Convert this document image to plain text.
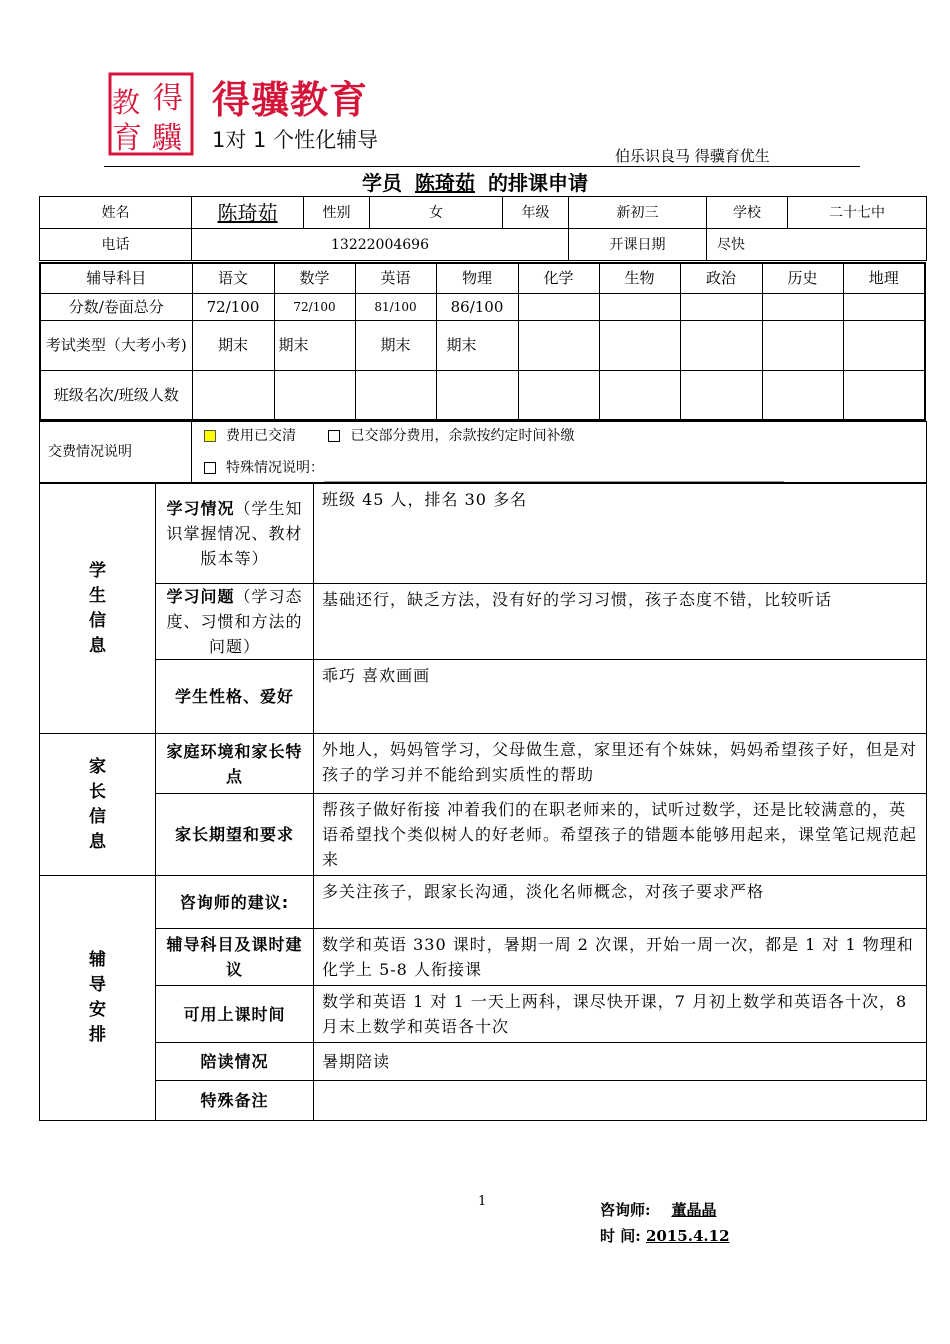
得
教
育 驥
得骥教育
1对 1 个性化辅导
伯乐识良马 得骥育优生
学员 陈琦茹 的排课申请
姓名	陈琦茹	性别	女	年级	新初三	学校	二十七中
电话	13222004696				开课日期	尽快	
辅导科目	语文	数学	英语	物理	化学	生物	政治	历史	地理
分数/卷面总分	72/100	72/100	81/100	86/100					
考试类型（大考小考)	期末	期末	期末	期末					
班级名次/班级人数									
交费情况说明	
费用已交清	已交部分费用，余款按约定时间补缴
特殊情况说明：
学生信息	学习情况（学生知识掌握情况、教材版本等）	班级 45 人，排名 30 多名
	学习问题（学习态度、习惯和方法的问题）	基础还行，缺乏方法，没有好的学习习惯，孩子态度不错，比较听话
	学生性格、爱好	乖巧 喜欢画画
家长信息	家庭环境和家长特点	外地人，妈妈管学习，父母做生意，家里还有个妹妹，妈妈希望孩子好，但是对孩子的学习并不能给到实质性的帮助
	家长期望和要求	帮孩子做好衔接 冲着我们的在职老师来的，试听过数学，还是比较满意的，英语希望找个类似树人的好老师。希望孩子的错题本能够用起来，课堂笔记规范起来
辅导安排	咨询师的建议:	多关注孩子，跟家长沟通，淡化名师概念，对孩子要求严格
	辅导科目及课时建议	数学和英语 330 课时，暑期一周 2 次课，开始一周一次，都是 1 对 1 物理和化学上 5-8 人衔接课
	可用上课时间	数学和英语 1 对 1 一天上两科，课尽快开课，7 月初上数学和英语各十次，8 月末上数学和英语各十次
	陪读情况	暑期陪读
	特殊备注	
1	咨询师: 董晶晶
时 间: 2015.4.12
